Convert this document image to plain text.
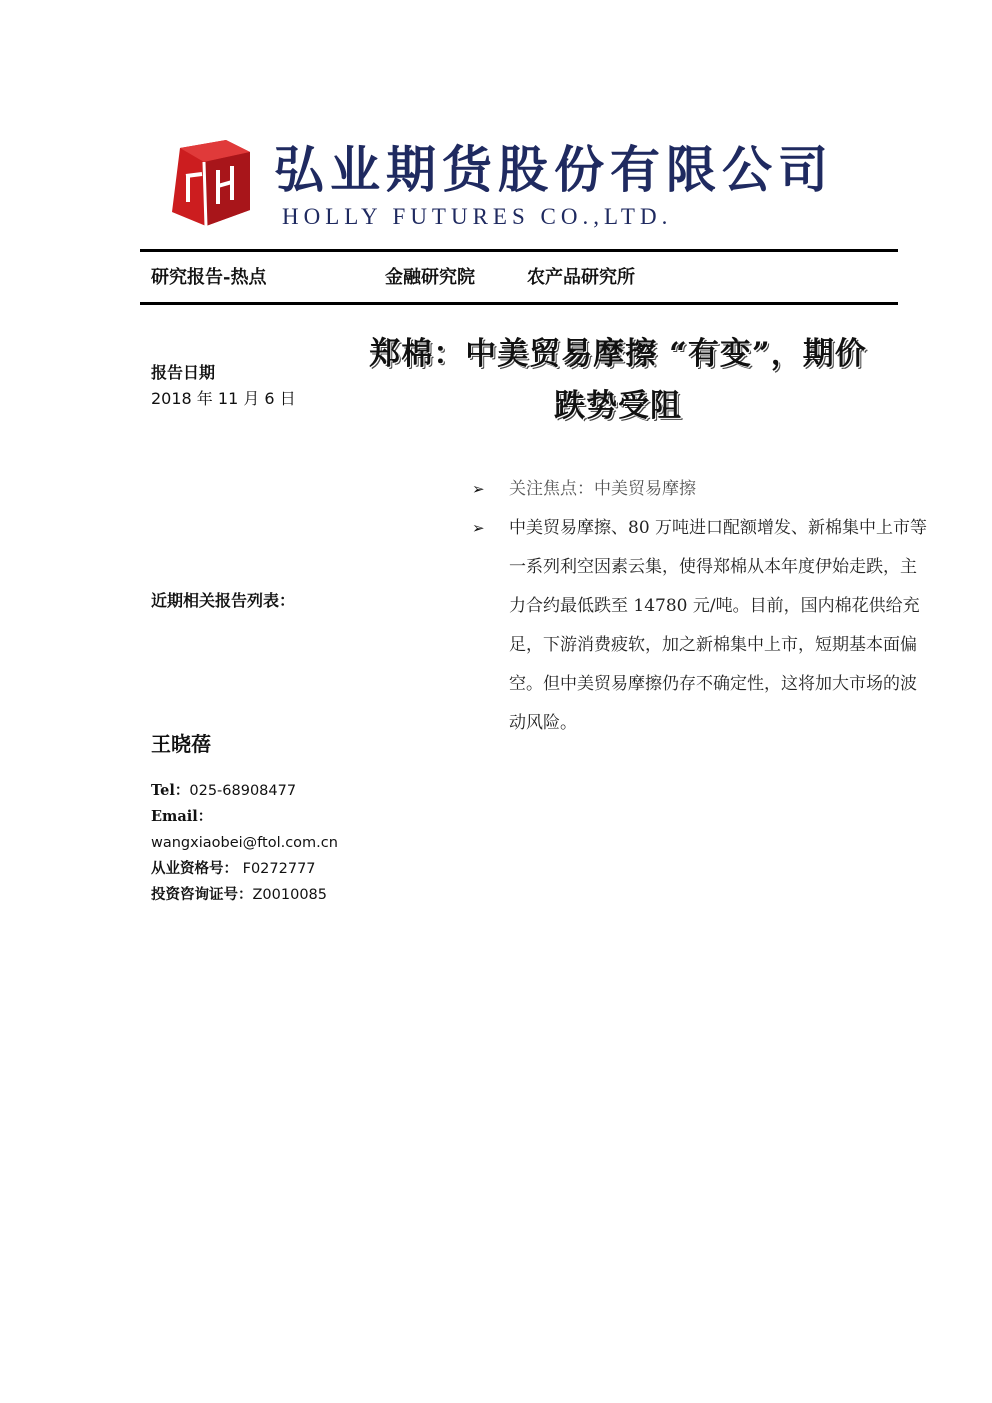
弘业期货股份有限公司
HOLLY FUTURES CO.,LTD.
研究报告-热点	金融研究院	农产品研究所
报告日期
2018 年 11 月 6 日
郑棉：中美贸易摩擦 “有变”，期价
跌势受阻
➢ 关注焦点：中美贸易摩擦
➢ 中美贸易摩擦、80 万吨进口配额增发、新棉集中上市等一系列利空因素云集，使得郑棉从本年度伊始走跌，主力合约最低跌至 14780 元/吨。目前，国内棉花供给充足，下游消费疲软，加之新棉集中上市，短期基本面偏空。但中美贸易摩擦仍存不确定性，这将加大市场的波动风险。
近期相关报告列表：
王晓蓓
Tel：025-68908477
Email：
wangxiaobei@ftol.com.cn
从业资格号： F0272777
投资咨询证号：Z0010085
